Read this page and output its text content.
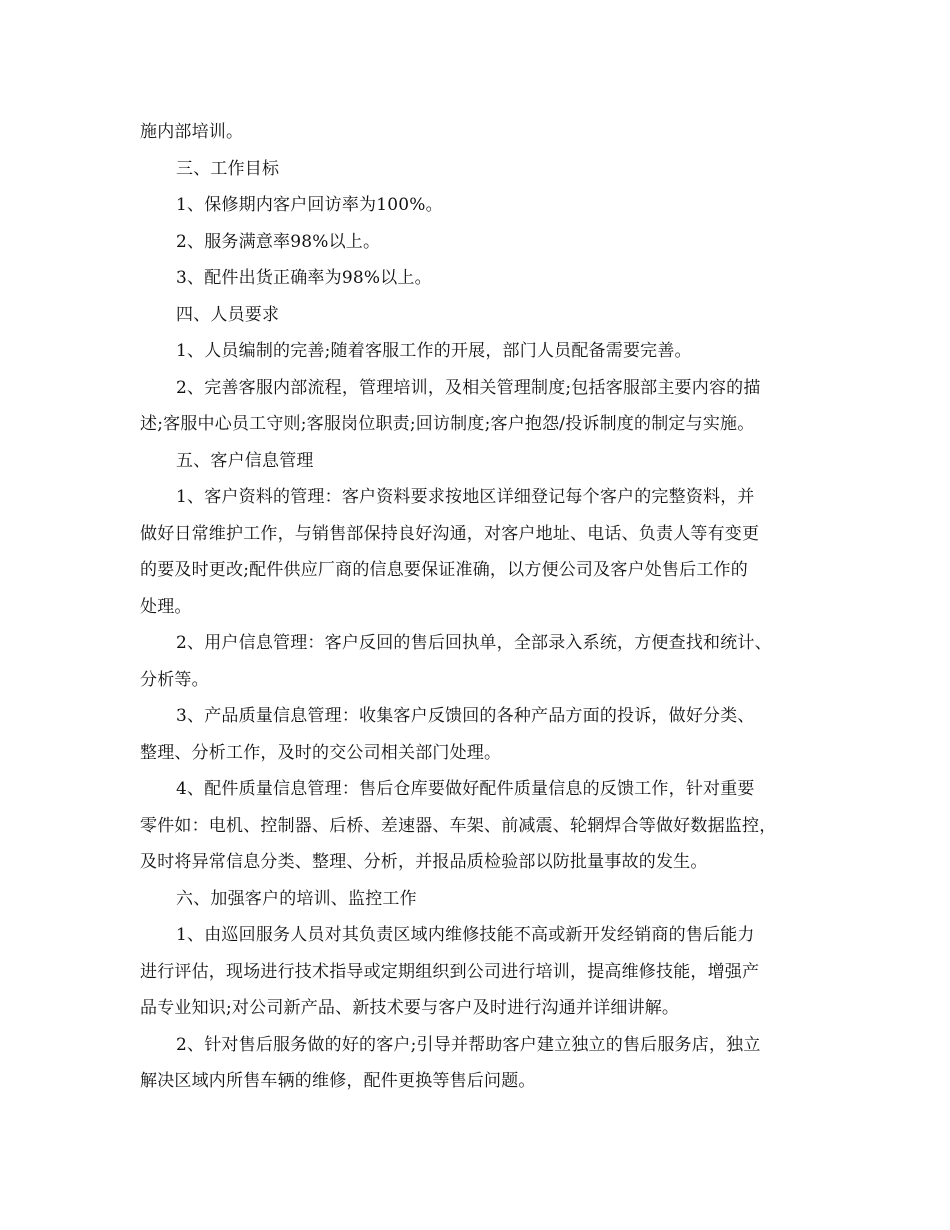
施内部培训。
三、工作目标
1、保修期内客户回访率为100%。
2、服务满意率98%以上。
3、配件出货正确率为98%以上。
四、人员要求
1、人员编制的完善;随着客服工作的开展，部门人员配备需要完善。
2、完善客服内部流程，管理培训，及相关管理制度;包括客服部主要内容的描
述;客服中心员工守则;客服岗位职责;回访制度;客户抱怨/投诉制度的制定与实施。
五、客户信息管理
1、客户资料的管理：客户资料要求按地区详细登记每个客户的完整资料，并
做好日常维护工作，与销售部保持良好沟通，对客户地址、电话、负责人等有变更
的要及时更改;配件供应厂商的信息要保证准确，以方便公司及客户处售后工作的
处理。
2、用户信息管理：客户反回的售后回执单，全部录入系统，方便查找和统计、
分析等。
3、产品质量信息管理：收集客户反馈回的各种产品方面的投诉，做好分类、
整理、分析工作，及时的交公司相关部门处理。
4、配件质量信息管理：售后仓库要做好配件质量信息的反馈工作，针对重要
零件如：电机、控制器、后桥、差速器、车架、前减震、轮辋焊合等做好数据监控，
及时将异常信息分类、整理、分析，并报品质检验部以防批量事故的发生。
六、加强客户的培训、监控工作
1、由巡回服务人员对其负责区域内维修技能不高或新开发经销商的售后能力
进行评估，现场进行技术指导或定期组织到公司进行培训，提高维修技能，增强产
品专业知识;对公司新产品、新技术要与客户及时进行沟通并详细讲解。
2、针对售后服务做的好的客户;引导并帮助客户建立独立的售后服务店，独立
解决区域内所售车辆的维修，配件更换等售后问题。
